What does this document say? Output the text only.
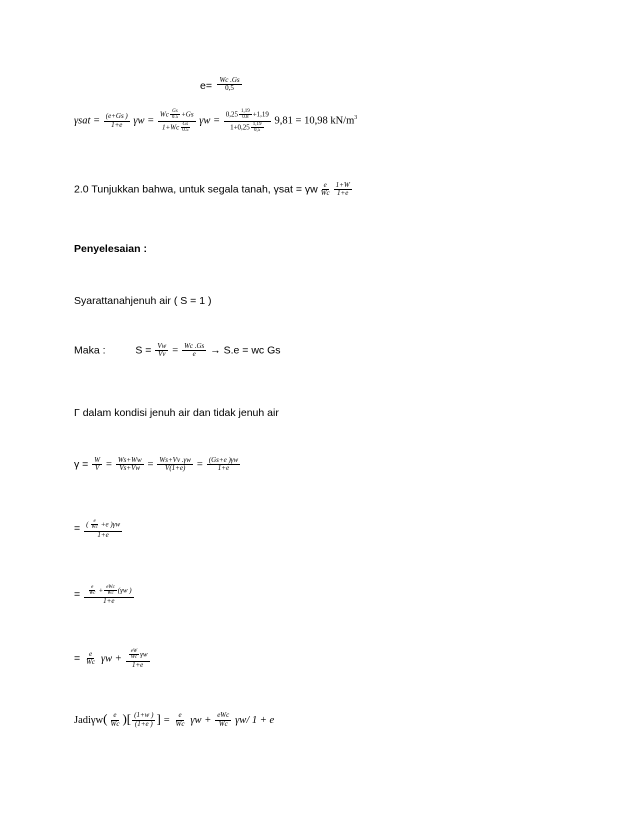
$e= \frac{Wc .Gs}{0,5}$
$\gamma sat = \frac{(e+Gs )}{1+e}$ $\gamma w = \frac{Wc \frac{Gs}{0.5} +Gs}{1+Wc \frac{Gs}{0.5}}$ $\gamma w = \frac{0,25 \frac{1,19}{0.8} +1,19}{1+0,25 \frac{1,19}{0,5}} 9,81 = 10,98$ $kN/m^3$
2.0 Tunjukkan bahwa, untuk segala tanah, γsat = γw $\frac{e}{Wc} \frac{1+W}{1+e}$
Penyelesaian :
Syarattanahjenuh air ( S = 1 )
Maka :	$S = \frac{Vw}{Vv} = \frac{Wc .Gs}{e} \to S.e$ = wc Gs
Γ dalam kondisi jenuh air dan tidak jenuh air
$\gamma = \frac{W}{V} = \frac{Ws+Ww}{Vs+Vw} = \frac{Ws+Vv .\gamma w}{V(1+e)} = \frac{(Gs+e )\gamma w}{1+e}$
= $\frac{( \frac{e}{Wc} +e )\gamma w}{1+e}$
= $\frac{\frac{e}{Wc} + \frac{\text{eWc}}{Wc} (\gamma w )}{1+e}$
= $\frac{e}{Wc}$ $\gamma w + \frac{\frac{eW}{Wc} \gamma w}{1+e}$
Jadiγw( $\frac{e}{Wc}$ )[ $\frac{(1+w )}{(1+e )}$ ] = $\frac{e}{Wc}$ $\gamma w + \frac{\text{eWc}}{Wc} \gamma w/$ 1 + e
